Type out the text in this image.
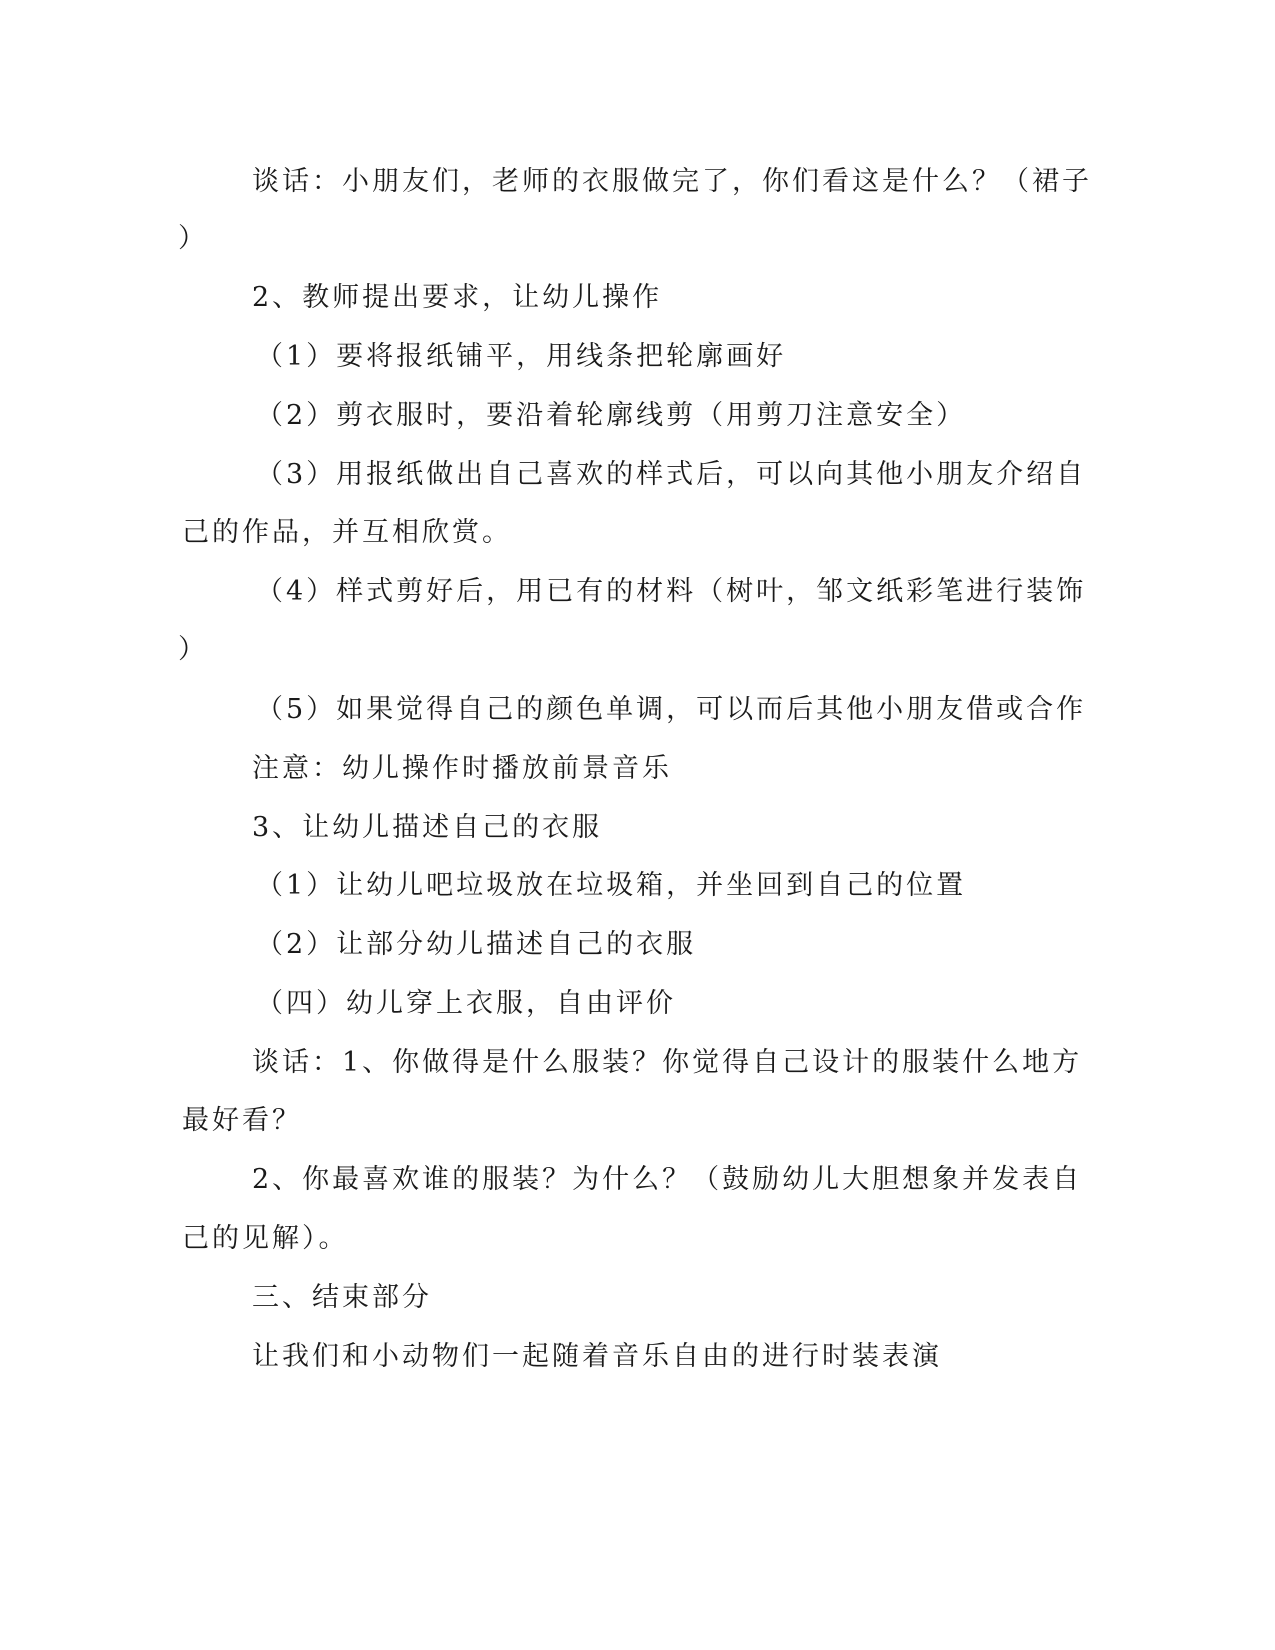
谈话：小朋友们，老师的衣服做完了，你们看这是什么？（裙子
）
2、教师提出要求，让幼儿操作
（1）要将报纸铺平，用线条把轮廓画好
（2）剪衣服时，要沿着轮廓线剪（用剪刀注意安全）
（3）用报纸做出自己喜欢的样式后，可以向其他小朋友介绍自
己的作品，并互相欣赏。
（4）样式剪好后，用已有的材料（树叶，邹文纸彩笔进行装饰
）
（5）如果觉得自己的颜色单调，可以而后其他小朋友借或合作
注意：幼儿操作时播放前景音乐
3、让幼儿描述自己的衣服
（1）让幼儿吧垃圾放在垃圾箱，并坐回到自己的位置
（2）让部分幼儿描述自己的衣服
（四）幼儿穿上衣服，自由评价
谈话：1、你做得是什么服装？你觉得自己设计的服装什么地方
最好看？
2、你最喜欢谁的服装？为什么？（鼓励幼儿大胆想象并发表自
己的见解）。
三、结束部分
让我们和小动物们一起随着音乐自由的进行时装表演
